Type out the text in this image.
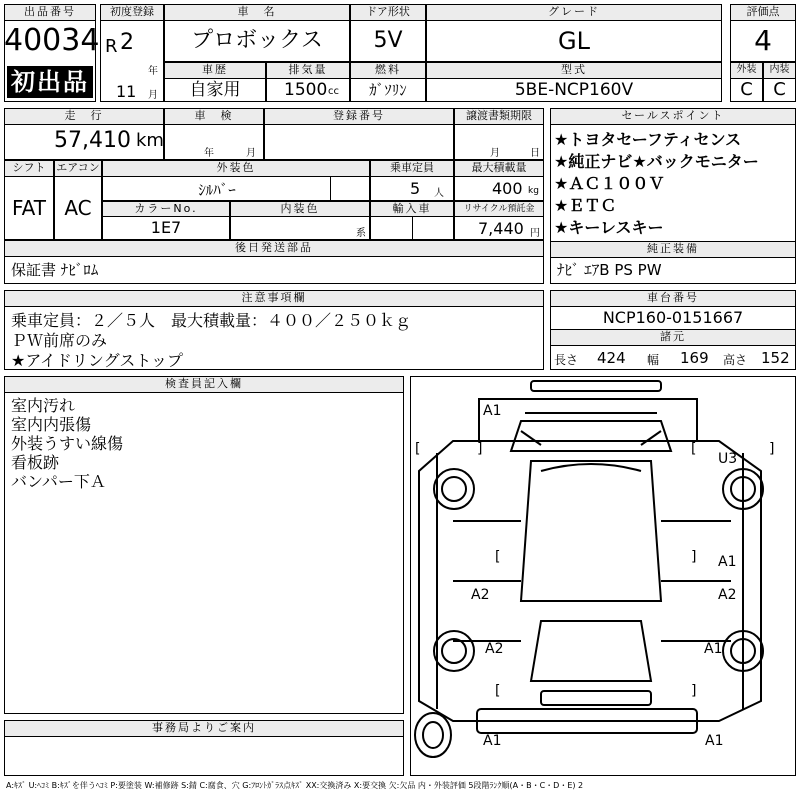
出品番号
40034
初出品
初度登録
R 2
年
11 月
車　名
プロボックス
ドア形状
5V
グレード
GL
評価点
4
車歴
自家用
排気量
1500 cc
燃料
ｶﾞｿﾘﾝ
型式
5BE-NCP160V
外装	内装
C	C
走　行
57,410 km
車　検
年	月
登録番号	譲渡書類期限
月	日
シフト エアコン
FAT AC
外装色
ｼﾙﾊﾞｰ
乗車定員
5 人
最大積載量
400 kg
カラーNo.
1E7
内装色
系
輸入車	リサイクル預託金
7,440 円
後日発送部品
保証書 ﾅﾋﾞﾛﾑ
セールスポイント
★トヨタセーフティセンス
★純正ナビ★バックモニター
★ＡＣ１００Ｖ
★ＥＴＣ
★キーレスキー
純正装備
ﾅﾋﾞ ｴｱB PS PW
注意事項欄
乗車定員：２／５人　最大積載量：４００／２５０ｋｇ
ＰＷ前席のみ
★アイドリングストップ
車台番号
NCP160-0151667
諸元
長さ 424 幅 169 高さ 152
検査員記入欄
室内汚れ
室内内張傷
外装うすい線傷
看板跡
バンパー下Ａ
事務局よりご案内
[	]	[	]
[	]
[	]
A1
U3
A1
A2	A2
A2	A1
A1	A1
A:ｷｽﾞ U:ﾍｺﾐ B:ｷｽﾞを伴うﾍｺﾐ P:要塗装 W:補修跡 S:錆 C:腐食、穴 G:ﾌﾛﾝﾄｶﾞﾗｽ点ｷｽﾞ XX:交換済み X:要交換 欠:欠品 内・外装評価 5段階ﾗﾝｸ順(A・B・C・D・E) 2
